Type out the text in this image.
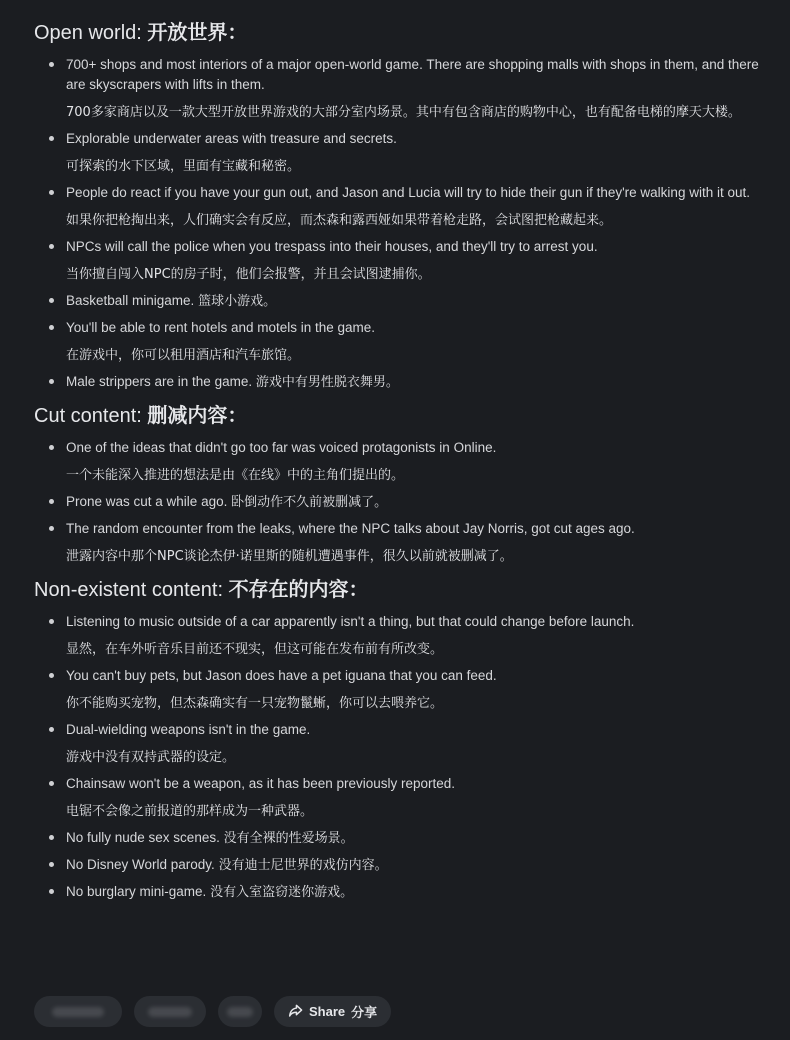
Open world: 开放世界：
700+ shops and most interiors of a major open-world game. There are shopping malls with shops in them, and there are skyscrapers with lifts in them.
700多家商店以及一款大型开放世界游戏的大部分室内场景。其中有包含商店的购物中心，也有配备电梯的摩天大楼。
Explorable underwater areas with treasure and secrets.
可探索的水下区域，里面有宝藏和秘密。
People do react if you have your gun out, and Jason and Lucia will try to hide their gun if they're walking with it out.
如果你把枪掏出来，人们确实会有反应，而杰森和露西娅如果带着枪走路，会试图把枪藏起来。
NPCs will call the police when you trespass into their houses, and they'll try to arrest you.
当你擅自闯入NPC的房子时，他们会报警，并且会试图逮捕你。
Basketball minigame. 篮球小游戏。
You'll be able to rent hotels and motels in the game.
在游戏中，你可以租用酒店和汽车旅馆。
Male strippers are in the game. 游戏中有男性脱衣舞男。
Cut content: 删减内容：
One of the ideas that didn't go too far was voiced protagonists in Online.
一个未能深入推进的想法是由《在线》中的主角们提出的。
Prone was cut a while ago. 卧倒动作不久前被删减了。
The random encounter from the leaks, where the NPC talks about Jay Norris, got cut ages ago.
泄露内容中那个NPC谈论杰伊·诺里斯的随机遭遇事件，很久以前就被删减了。
Non-existent content: 不存在的内容：
Listening to music outside of a car apparently isn't a thing, but that could change before launch.
显然，在车外听音乐目前还不现实，但这可能在发布前有所改变。
You can't buy pets, but Jason does have a pet iguana that you can feed.
你不能购买宠物，但杰森确实有一只宠物鬣蜥，你可以去喂养它。
Dual-wielding weapons isn't in the game.
游戏中没有双持武器的设定。
Chainsaw won't be a weapon, as it has been previously reported.
电锯不会像之前报道的那样成为一种武器。
No fully nude sex scenes. 没有全裸的性爱场景。
No Disney World parody. 没有迪士尼世界的戏仿内容。
No burglary mini-game. 没有入室盗窃迷你游戏。
Share 分享
